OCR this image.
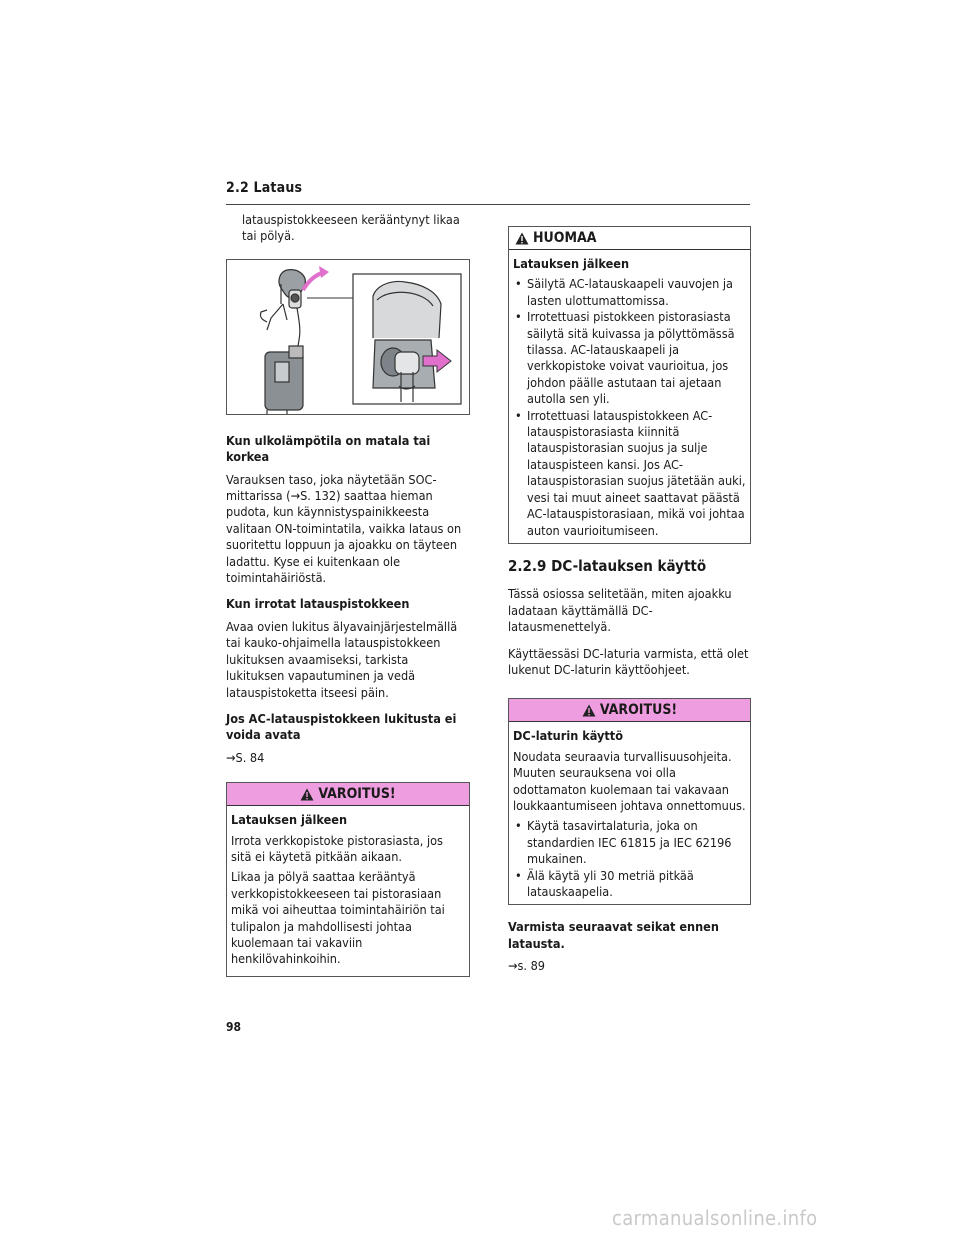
2.2 Lataus

latauspistokkeeseen kerääntynyt likaa tai pölyä.

Kun ulkolämpötila on matala tai korkea

Varauksen taso, joka näytetään SOC-mittarissa (→S. 132) saattaa hieman pudota, kun käynnistyspainikkeesta valitaan ON-toimintatila, vaikka lataus on suoritettu loppuun ja ajoakku on täyteen ladattu. Kyse ei kuitenkaan ole toimintahäiriöstä.

Kun irrotat latauspistokkeen

Avaa ovien lukitus älyavainjärjestelmällä tai kauko-ohjaimella latauspistokkeen lukituksen avaamiseksi, tarkista lukituksen vapautuminen ja vedä latauspistoketta itseesi päin.

Jos AC-latauspistokkeen lukitusta ei voida avata

→S. 84

VAROITUS!

Latauksen jälkeen

Irrota verkkopistoke pistorasiasta, jos sitä ei käytetä pitkään aikaan.

Likaa ja pölyä saattaa kerääntyä verkkopistokkeeseen tai pistorasiaan mikä voi aiheuttaa toimintahäiriön tai tulipalon ja mahdollisesti johtaa kuolemaan tai vakaviin henkilövahinkoihin.

HUOMAA

Latauksen jälkeen

• Säilytä AC-latauskaapeli vauvojen ja lasten ulottumattomissa.
• Irrotettuasi pistokkeen pistorasiasta säilytä sitä kuivassa ja pölyttömässä tilassa. AC-latauskaapeli ja verkkopistoke voivat vaurioitua, jos johdon päälle astutaan tai ajetaan autolla sen yli.
• Irrotettuasi latauspistokkeen AC-latauspistorasiasta kiinnitä latauspistorasian suojus ja sulje latauspisteen kansi. Jos AC-latauspistorasian suojus jätetään auki, vesi tai muut aineet saattavat päästä AC-latauspistorasiaan, mikä voi johtaa auton vaurioitumiseen.
2.2.9 DC-latauksen käyttö

Tässä osiossa selitetään, miten ajoakku ladataan käyttämällä DC-latausmenettelyä.

Käyttäessäsi DC-laturia varmista, että olet lukenut DC-laturin käyttöohjeet.

VAROITUS!

DC-laturin käyttö

Noudata seuraavia turvallisuusohjeita. Muuten seurauksena voi olla odottamaton kuolemaan tai vakavaan loukkaantumiseen johtava onnettomuus.

• Käytä tasavirtalaturia, joka on standardien IEC 61815 ja IEC 62196 mukainen.
• Älä käytä yli 30 metriä pitkää latauskaapelia.

Varmista seuraavat seikat ennen latausta.

→s. 89

98
carmanualsonline.info
